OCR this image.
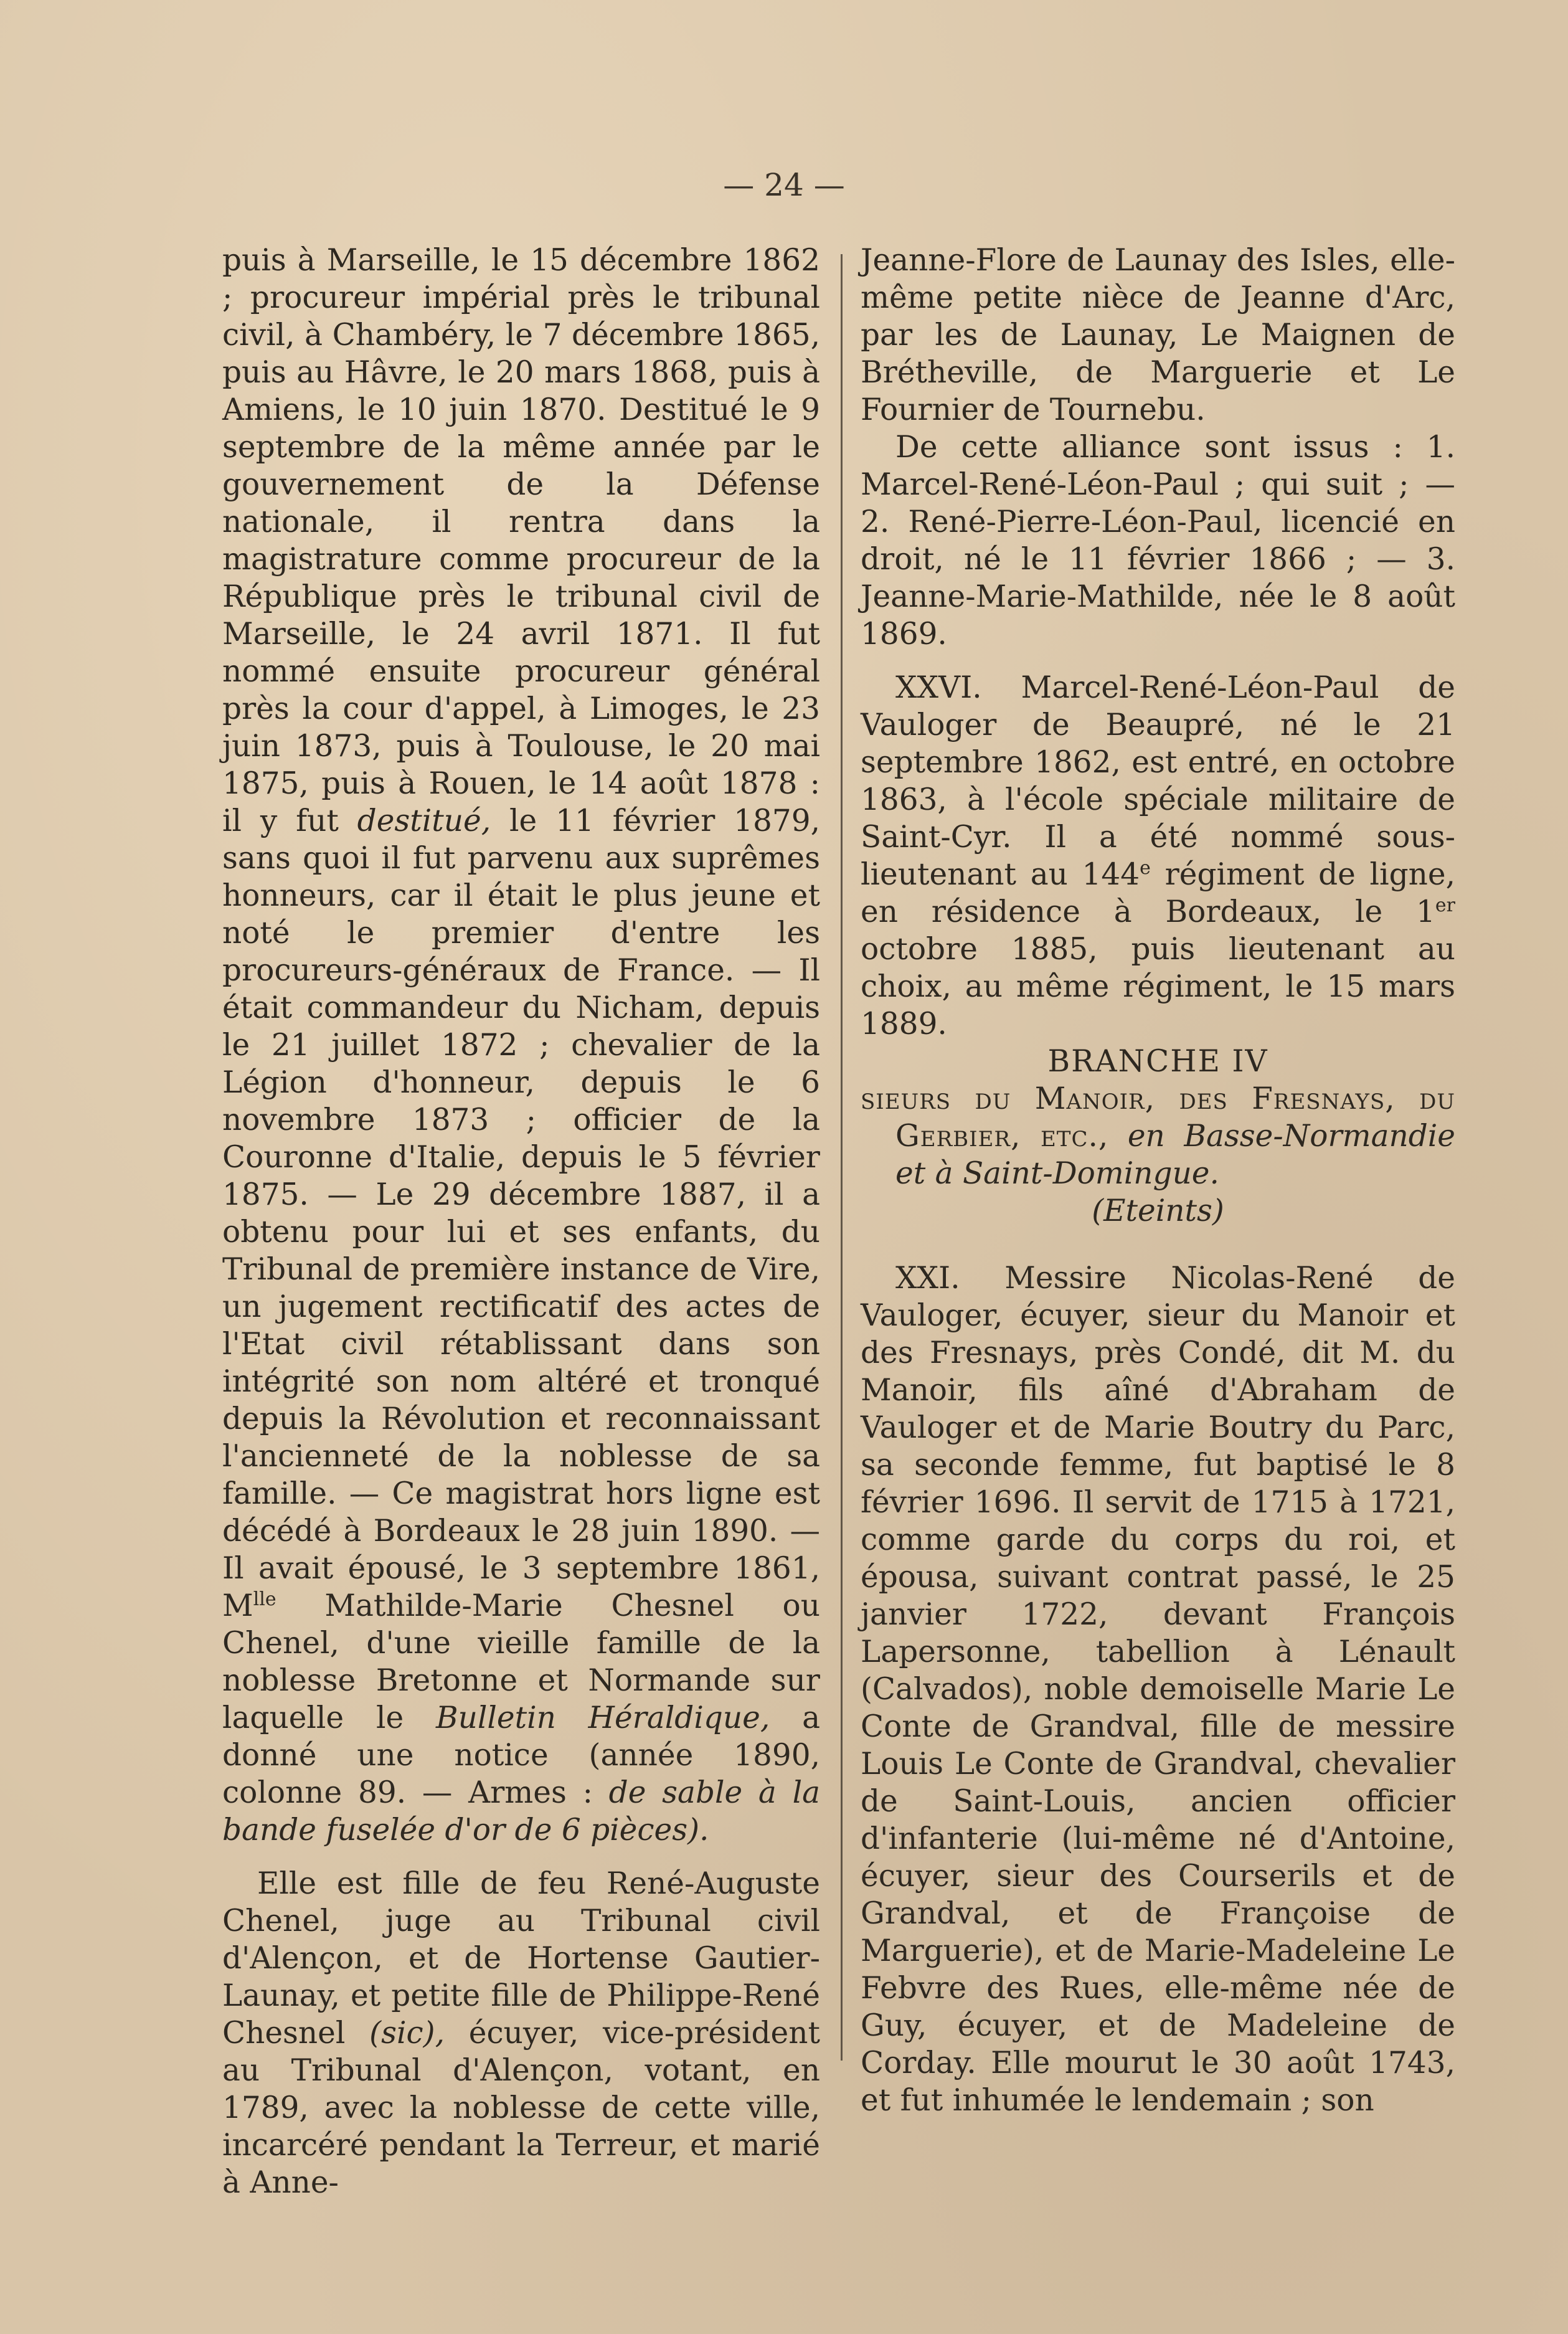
— 24 —

puis à Marseille, le 15 décembre 1862 ; procureur impérial près le tribunal civil, à Chambéry, le 7 décembre 1865, puis au Hâvre, le 20 mars 1868, puis à Amiens, le 10 juin 1870. Destitué le 9 septembre de la même année par le gouvernement de la Défense nationale, il rentra dans la magistrature comme procureur de la République près le tribunal civil de Marseille, le 24 avril 1871. Il fut nommé ensuite procureur général près la cour d'appel, à Limoges, le 23 juin 1873, puis à Toulouse, le 20 mai 1875, puis à Rouen, le 14 août 1878 : il y fut destitué, le 11 février 1879, sans quoi il fut parvenu aux suprêmes honneurs, car il était le plus jeune et noté le premier d'entre les procureurs-généraux de France. — Il était commandeur du Nicham, depuis le 21 juillet 1872 ; chevalier de la Légion d'honneur, depuis le 6 novembre 1873 ; officier de la Couronne d'Italie, depuis le 5 février 1875. — Le 29 décembre 1887, il a obtenu pour lui et ses enfants, du Tribunal de première instance de Vire, un jugement rectificatif des actes de l'Etat civil rétablissant dans son intégrité son nom altéré et tronqué depuis la Révolution et reconnaissant l'ancienneté de la noblesse de sa famille. — Ce magistrat hors ligne est décédé à Bordeaux le 28 juin 1890. — Il avait épousé, le 3 septembre 1861, $M^{lle}$ Mathilde-Marie Chesnel ou Chenel, d'une vieille famille de la noblesse Bretonne et Normande sur laquelle le Bulletin Héraldique, a donné une notice (année 1890, colonne 89. — Armes : de sable à la bande fuselée d'or de 6 pièces).

Elle est fille de feu René-Auguste Chenel, juge au Tribunal civil d'Alençon, et de Hortense Gautier-Launay, et petite fille de Philippe-René Chesnel (sic), écuyer, vice-président au Tribunal d'Alençon, votant, en 1789, avec la noblesse de cette ville, incarcéré pendant la Terreur, et marié à Anne-

Jeanne-Flore de Launay des Isles, elle-même petite nièce de Jeanne d'Arc, par les de Launay, Le Maignen de Brétheville, de Marguerie et Le Fournier de Tournebu.

De cette alliance sont issus : 1. Marcel-René-Léon-Paul ; qui suit ; — 2. René-Pierre-Léon-Paul, licencié en droit, né le 11 février 1866 ; — 3. Jeanne-Marie-Mathilde, née le 8 août 1869.

XXVI. Marcel-René-Léon-Paul de Vauloger de Beaupré, né le 21 septembre 1862, est entré, en octobre 1863, à l'école spéciale militaire de Saint-Cyr. Il a été nommé sous-lieutenant au 144e régiment de ligne, en résidence à Bordeaux, le 1er octobre 1885, puis lieutenant au choix, au même régiment, le 15 mars 1889.

BRANCHE IV

sieurs du Manoir, des Fresnays, du Gerbier, etc., en Basse-Normandie et à Saint-Domingue.

(Eteints)

XXI. Messire Nicolas-René de Vauloger, écuyer, sieur du Manoir et des Fresnays, près Condé, dit M. du Manoir, fils aîné d'Abraham de Vauloger et de Marie Boutry du Parc, sa seconde femme, fut baptisé le 8 février 1696. Il servit de 1715 à 1721, comme garde du corps du roi, et épousa, suivant contrat passé, le 25 janvier 1722, devant François Lapersonne, tabellion à Lénault (Calvados), noble demoiselle Marie Le Conte de Grandval, fille de messire Louis Le Conte de Grandval, chevalier de Saint-Louis, ancien officier d'infanterie (lui-même né d'Antoine, écuyer, sieur des Courserils et de Grandval, et de Françoise de Marguerie), et de Marie-Madeleine Le Febvre des Rues, elle-même née de Guy, écuyer, et de Madeleine de Corday. Elle mourut le 30 août 1743, et fut inhumée le lendemain ; son
